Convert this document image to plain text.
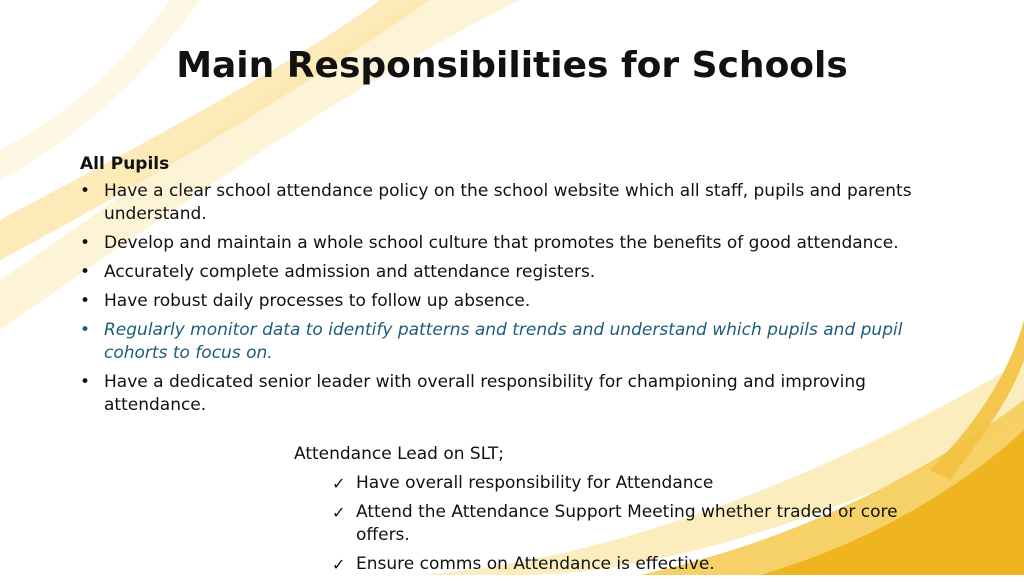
Main Responsibilities for Schools
All Pupils
• Have a clear school attendance policy on the school website which all staff, pupils and parents understand.
• Develop and maintain a whole school culture that promotes the benefits of good attendance.
• Accurately complete admission and attendance registers.
• Have robust daily processes to follow up absence.
• Regularly monitor data to identify patterns and trends and understand which pupils and pupil cohorts to focus on.
• Have a dedicated senior leader with overall responsibility for championing and improving attendance.
Attendance Lead on SLT;
✓ Have overall responsibility for Attendance
✓ Attend the Attendance Support Meeting whether traded or core offers.
✓ Ensure comms on Attendance is effective.
